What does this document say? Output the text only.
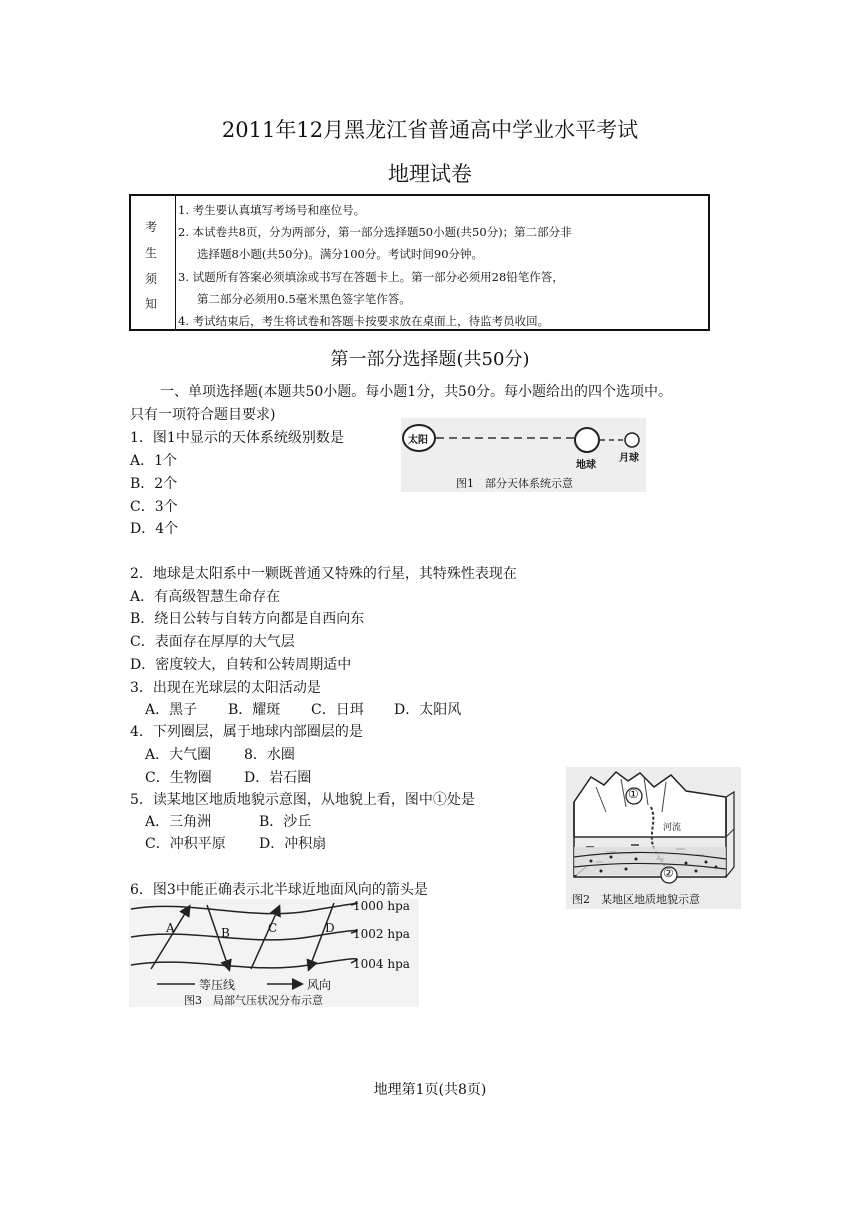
2011年12月黑龙江省普通高中学业水平考试
地理试卷
考
生
须
知
1. 考生要认真填写考场号和座位号。
2. 本试卷共8页，分为两部分，第一部分选择题50小题(共50分)；第二部分非
选择题8小题(共50分)。满分100分。考试时间90分钟。
3. 试题所有答案必须填涂或书写在答题卡上。第一部分必须用28铅笔作答，
第二部分必须用0.5毫米黑色签字笔作答。
4. 考试结束后，考生将试卷和答题卡按要求放在桌面上，待监考员收回。
第一部分选择题(共50分)
一、单项选择题(本题共50小题。每小题1分，共50分。每小题给出的四个选项中。
只有一项符合题目要求)
1．图1中显示的天体系统级别数是
A．1个
B．2个
C．3个
D．4个
太阳
地球
月球
图1　部分天体系统示意
2．地球是太阳系中一颗既普通又特殊的行星，其特殊性表现在
A．有高级智慧生命存在
B．绕日公转与自转方向都是自西向东
C．表面存在厚厚的大气层
D．密度较大，自转和公转周期适中
3．出现在光球层的太阳活动是
A．黑子 B．耀斑 C．日珥 D．太阳风
4．下列圈层，属于地球内部圈层的是
A．大气圈 8．水圈
C．生物圈 D．岩石圈
5．读某地区地质地貌示意图，从地貌上看，图中①处是
A．三角洲	B．沙丘
C．冲积平原 D．冲积扇
①
②
河流
图2　某地区地质地貌示意
6．图3中能正确表示北半球近地面风向的箭头是
1000 hpa
1002 hpa
1004 hpa
A	B	C	D
等压线	风向
图3　局部气压状况分布示意
地理第1页(共8页)
